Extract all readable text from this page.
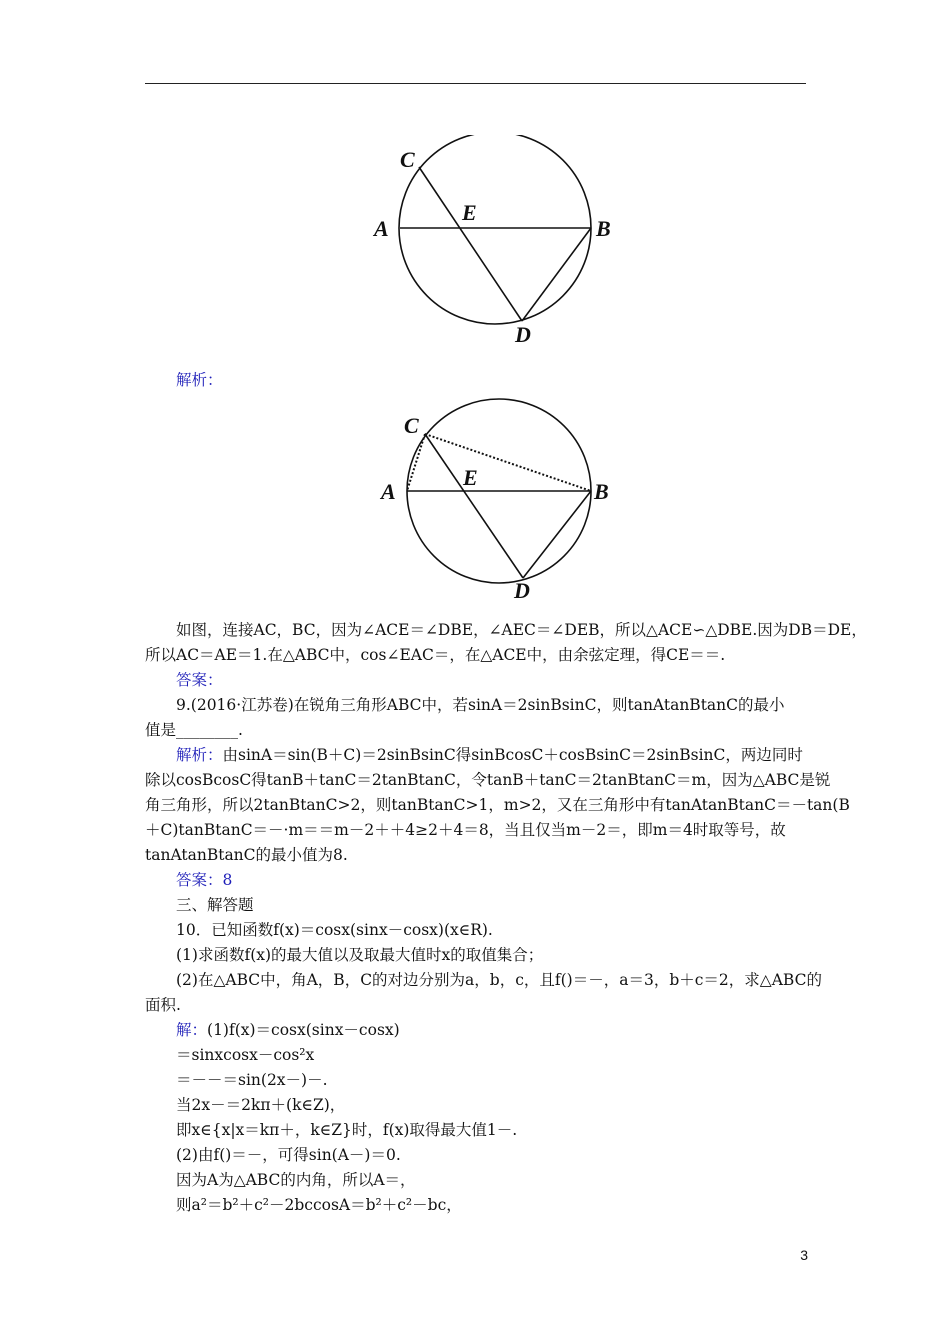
C
E
A	B
D
解析：
C
E
A	B
D

如图，连接AC，BC，因为∠ACE＝∠DBE，∠AEC＝∠DEB，所以△ACE∽△DBE.因为DB＝DE，

所以AC＝AE＝1.在△ABC中，cos∠EAC＝，在△ACE中，由余弦定理，得CE＝＝.

答案：

9.(2016·江苏卷)在锐角三角形ABC中，若sinA＝2sinBsinC，则tanAtanBtanC的最小

值是________.

解析：由sinA＝sin(B＋C)＝2sinBsinC得sinBcosC＋cosBsinC＝2sinBsinC，两边同时

除以cosBcosC得tanB＋tanC＝2tanBtanC，令tanB＋tanC＝2tanBtanC＝m，因为△ABC是锐

角三角形，所以2tanBtanC>2，则tanBtanC>1，m>2，又在三角形中有tanAtanBtanC＝－tan(B

＋C)tanBtanC＝－·m＝＝m－2＋＋4≥2＋4＝8，当且仅当m－2＝，即m＝4时取等号，故

tanAtanBtanC的最小值为8.

答案：8

三、解答题

10．已知函数f(x)＝cosx(sinx－cosx)(x∈R).

(1)求函数f(x)的最大值以及取最大值时x的取值集合；

(2)在△ABC中，角A，B，C的对边分别为a，b，c，且f()＝－，a＝3，b＋c＝2，求△ABC的

面积.

解：(1)f(x)＝cosx(sinx－cosx)

＝sinxcosx－cos²x

＝－－＝sin(2x－)－.

当2x－＝2kπ＋(k∈Z)，

即x∈{x|x＝kπ＋，k∈Z}时，f(x)取得最大值1－.

(2)由f()＝－，可得sin(A－)＝0.

因为A为△ABC的内角，所以A＝，

则a²＝b²＋c²－2bccosA＝b²＋c²－bc，

3
